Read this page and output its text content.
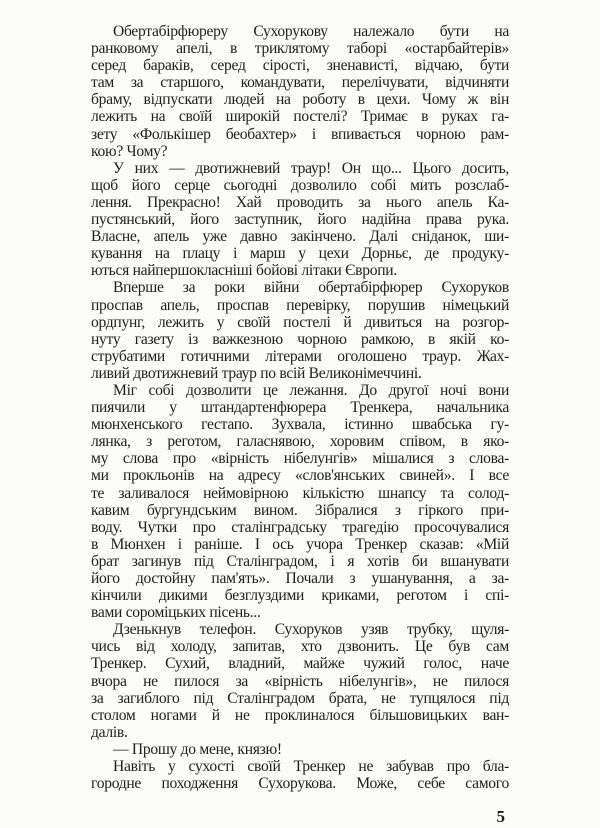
Обертабірфюреру Сухорукову належало бути на
ранковому апелі, в триклятому таборі «остарбайтерів»
серед бараків, серед сірості, зненависті, відчаю, бути
там за старшого, командувати, перелічувати, відчиняти
браму, відпускати людей на роботу в цехи. Чому ж він
лежить на своїй широкій постелі? Тримає в руках га-
зету «Фолькішер беобахтер» і впивається чорною рам-
кою? Чому?
У них — двотижневий траур! Он що... Цього досить,
щоб його серце сьогодні дозволило собі мить розслаб-
лення. Прекрасно! Хай проводить за нього апель Ка-
пустянський, його заступник, його надійна права рука.
Власне, апель уже давно закінчено. Далі сніданок, ши-
кування на плацу і марш у цехи Дорньє, де продуку-
ються найпершокласніші бойові літаки Європи.
Вперше за роки війни обертабірфюрер Сухоруков
проспав апель, проспав перевірку, порушив німецький
ордпунг, лежить у своїй постелі й дивиться на розгор-
нуту газету із важкезною чорною рамкою, в якій ко-
струбатими готичними літерами оголошено траур. Жах-
ливий двотижневий траур по всій Великонімеччині.
Міг собі дозволити це лежання. До другої ночі вони
пиячили у штандартенфюрера Тренкера, начальника
мюнхенського гестапо. Зухвала, істинно швабська гу-
лянка, з реготом, галаснявою, хоровим співом, в яко-
му слова про «вірність нібелунгів» мішалися з слова-
ми прокльонів на адресу «слов'янських свиней». І все
те заливалося неймовірною кількістю шнапсу та солод-
кавим бургундським вином. Зібралися з гіркого при-
воду. Чутки про сталінградську трагедію просочувалися
в Мюнхен і раніше. І ось учора Тренкер сказав: «Мій
брат загинув під Сталінградом, і я хотів би вшанувати
його достойну пам'ять». Почали з ушанування, а за-
кінчили дикими безглуздими криками, реготом і спі-
вами сороміцьких пісень...
Дзенькнув телефон. Сухоруков узяв трубку, щуля-
чись від холоду, запитав, хто дзвонить. Це був сам
Тренкер. Сухий, владний, майже чужий голос, наче
вчора не пилося за «вірність нібелунгів», не пилося
за загиблого під Сталінградом брата, не тупцялося під
столом ногами й не проклиналося більшовицьких ван-
далів.
— Прошу до мене, князю!
Навіть у сухості своїй Тренкер не забував про бла-
городне походження Сухорукова. Може, себе самого
5
